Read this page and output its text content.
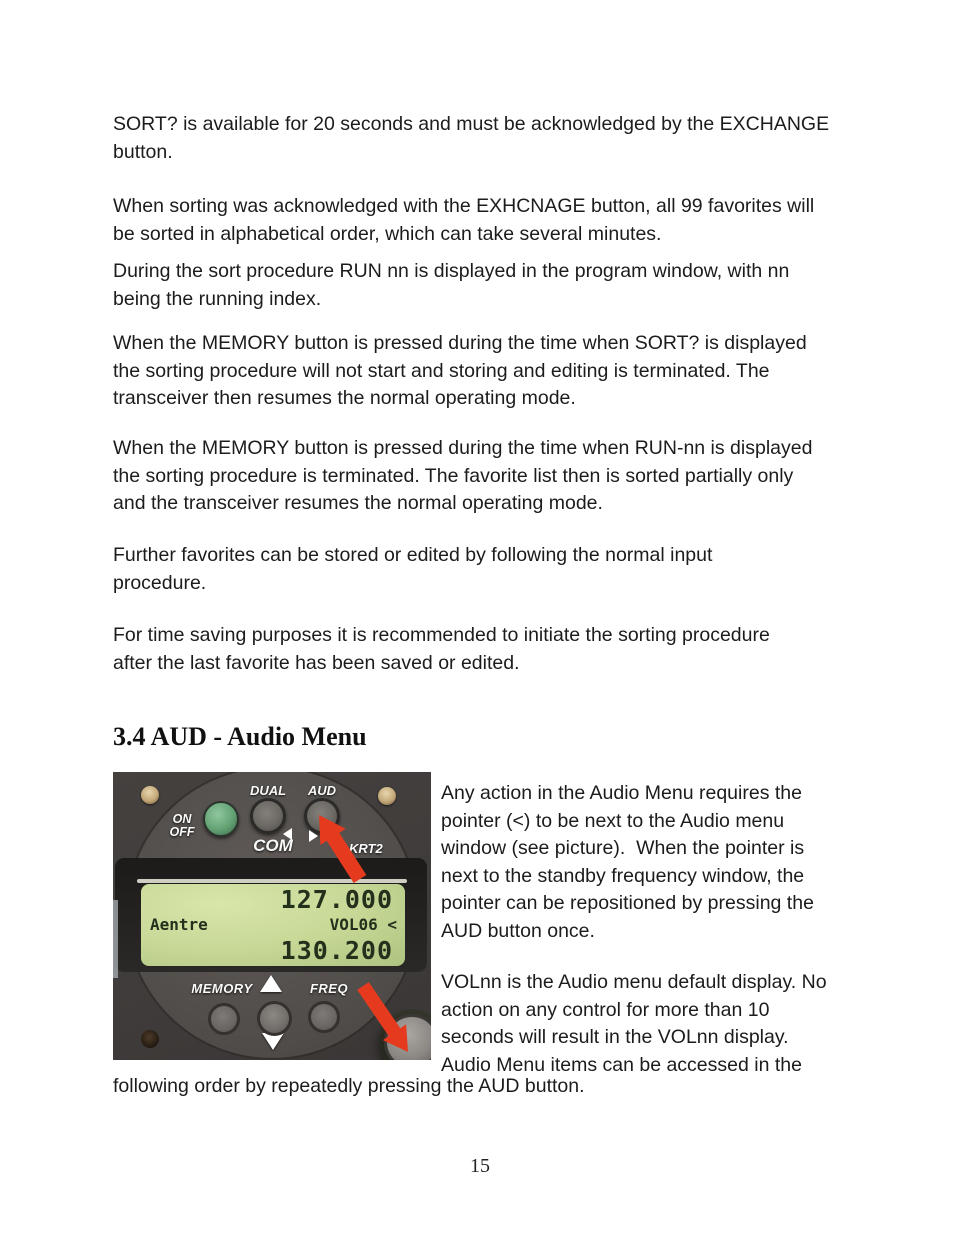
SORT? is available for 20 seconds and must be acknowledged by the EXCHANGE
button.
When sorting was acknowledged with the EXHCNAGE button, all 99 favorites will
be sorted in alphabetical order, which can take several minutes.
During the sort procedure RUN nn is displayed in the program window, with nn
being the running index.
When the MEMORY button is pressed during the time when SORT? is displayed
the sorting procedure will not start and storing and editing is terminated. The
transceiver then resumes the normal operating mode.
When the MEMORY button is pressed during the time when RUN-nn is displayed
the sorting procedure is terminated. The favorite list then is sorted partially only
and the transceiver resumes the normal operating mode.
Further favorites can be stored or edited by following the normal input
procedure.
For time saving purposes it is recommended to initiate the sorting procedure
after the last favorite has been saved or edited.
3.4 AUD - Audio Menu
ON
OFF
DUAL	AUD
COM	KRT2
127.000
Aentre	VOL06 <
130.200
MEMORY	FREQ
Any action in the Audio Menu requires the
pointer (<) to be next to the Audio menu
window (see picture).  When the pointer is
next to the standby frequency window, the
pointer can be repositioned by pressing the
AUD button once.
VOLnn is the Audio menu default display. No
action on any control for more than 10
seconds will result in the VOLnn display.
Audio Menu items can be accessed in the
following order by repeatedly pressing the AUD button.
15
